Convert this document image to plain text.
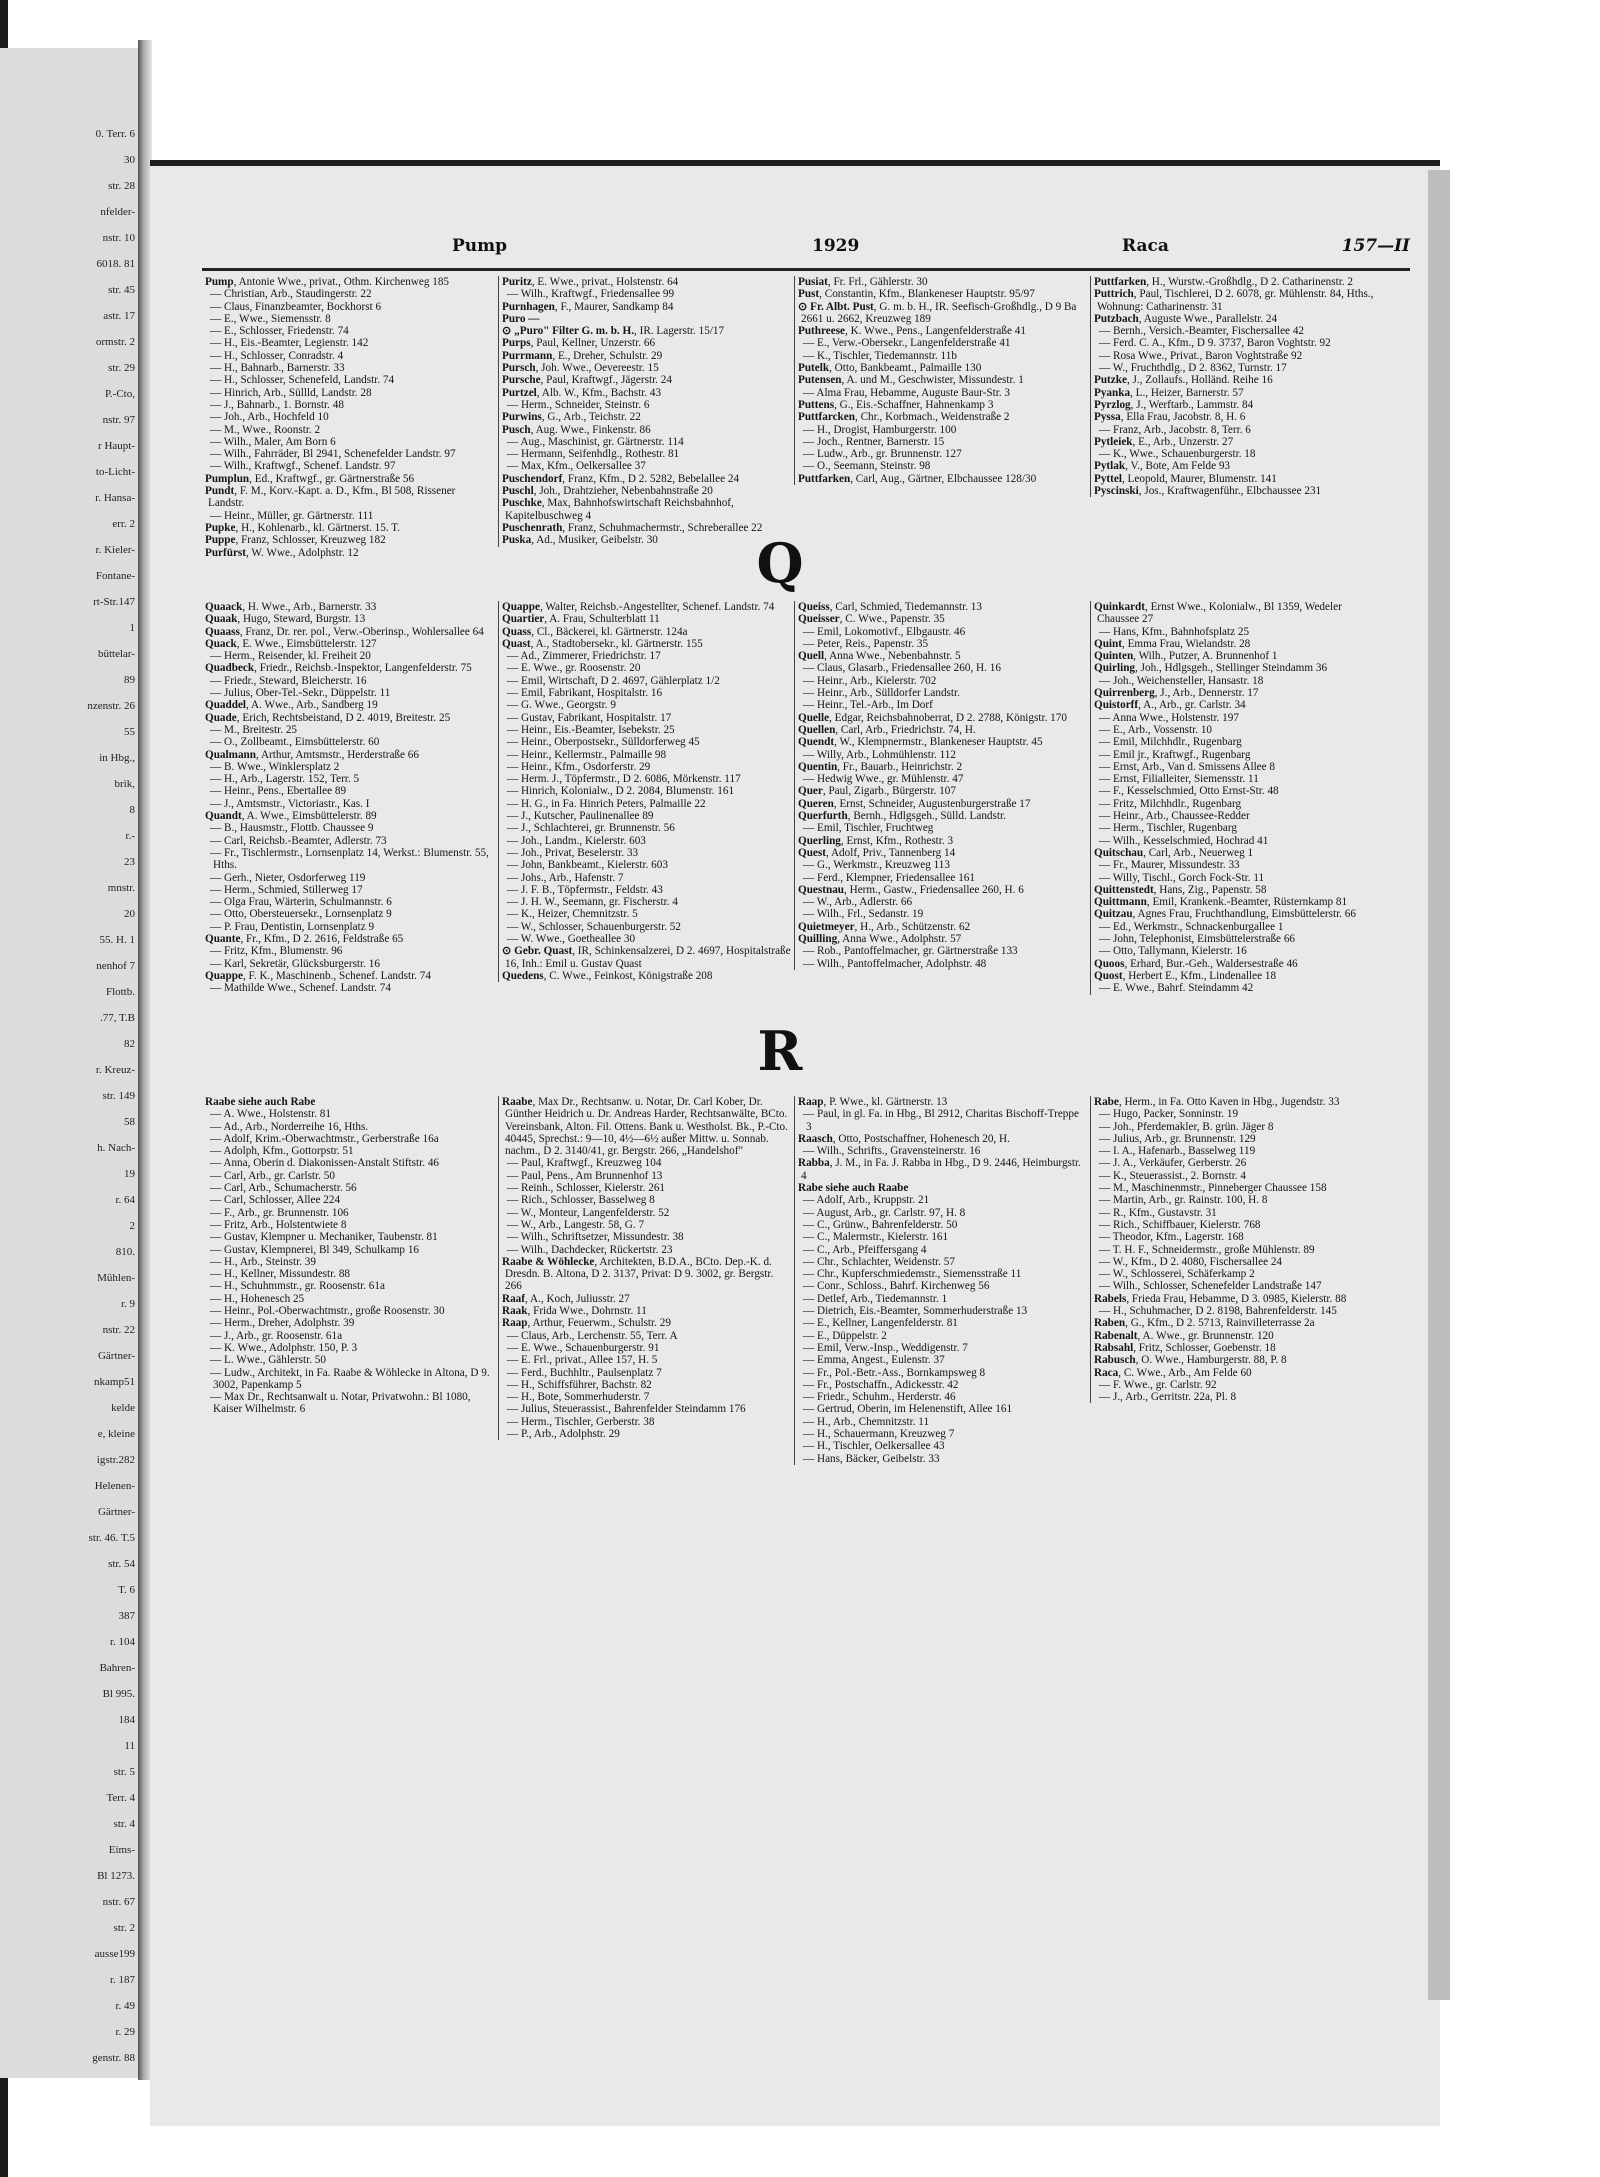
0. Terr. 6
30
str. 28
nfelder-
nstr. 10
6018. 81
str. 45
astr. 17
ormstr. 2
str. 29
P.-Cto,
nstr. 97
r Haupt-
to-Licht-
r. Hansa-
err. 2
r. Kieler-
Fontane-
rt-Str.147
1
büttelar-
89
nzenstr. 26
55
in Hbg.,
brik,
8
r.-
23
mnstr.
20
55. H. 1
nenhof 7
Flottb.
.77, T.B
82
r. Kreuz-
str. 149
58
h. Nach-
19
r. 64
2
810.
Mühlen-
r. 9
nstr. 22
Gärtner-
nkamp51
kelde
e, kleine
igstr.282
Helenen-
Gärtner-
str. 46. T.5
str. 54
T. 6
387
r. 104
Bahren-
Bl 995.
184
11
str. 5
Terr. 4
str. 4
Eims-
Bl 1273.
nstr. 67
str. 2
ausse199
r. 187
r. 49
r. 29
genstr. 88
Pump	1929	Raca	157—II
Pump, Antonie Wwe., privat., Othm. Kirchenweg 185
— Christian, Arb., Staudingerstr. 22
— Claus, Finanzbeamter, Bockhorst 6
— E., Wwe., Siemensstr. 8
— E., Schlosser, Friedenstr. 74
— H., Eis.-Beamter, Legienstr. 142
— H., Schlosser, Conradstr. 4
— H., Bahnarb., Barnerstr. 33
— H., Schlosser, Schenefeld, Landstr. 74
— Hinrich, Arb., Süllld, Landstr. 28
— J., Bahnarb., 1. Bornstr. 48
— Joh., Arb., Hochfeld 10
— M., Wwe., Roonstr. 2
— Wilh., Maler, Am Born 6
— Wilh., Fahrräder, Bl 2941, Schenefelder Landstr. 97
— Wilh., Kraftwgf., Schenef. Landstr. 97
Pumplun, Ed., Kraftwgf., gr. Gärtnerstraße 56
Pundt, F. M., Korv.-Kapt. a. D., Kfm., Bl 508, Rissener Landstr.
— Heinr., Müller, gr. Gärtnerstr. 111
Pupke, H., Kohlenarb., kl. Gärtnerst. 15. T.
Puppe, Franz, Schlosser, Kreuzweg 182
Purfürst, W. Wwe., Adolphstr. 12
Puritz, E. Wwe., privat., Holstenstr. 64
— Wilh., Kraftwgf., Friedensallee 99
Purnhagen, F., Maurer, Sandkamp 84
Puro —
⊙ „Puro" Filter G. m. b. H., IR. Lagerstr. 15/17
Purps, Paul, Kellner, Unzerstr. 66
Purrmann, E., Dreher, Schulstr. 29
Pursch, Joh. Wwe., Oevereestr. 15
Pursche, Paul, Kraftwgf., Jägerstr. 24
Purtzel, Alb. W., Kfm., Bachstr. 43
— Herm., Schneider, Steinstr. 6
Purwins, G., Arb., Teichstr. 22
Pusch, Aug. Wwe., Finkenstr. 86
— Aug., Maschinist, gr. Gärtnerstr. 114
— Hermann, Seifenhdlg., Rothestr. 81
— Max, Kfm., Oelkersallee 37
Puschendorf, Franz, Kfm., D 2. 5282, Bebelallee 24
Puschl, Joh., Drahtzieher, Nebenbahnstraße 20
Puschke, Max, Bahnhofswirtschaft Reichsbahnhof, Kapitelbuschweg 4
Puschenrath, Franz, Schuhmachermstr., Schreberallee 22
Puska, Ad., Musiker, Geibelstr. 30
Pusiat, Fr. Frl., Gählerstr. 30
Pust, Constantin, Kfm., Blankeneser Hauptstr. 95/97
⊙ Fr. Albt. Pust, G. m. b. H., IR. Seefisch-Großhdlg., D 9 Ba 2661 u. 2662, Kreuzweg 189
Puthreese, K. Wwe., Pens., Langenfelderstraße 41
— E., Verw.-Obersekr., Langenfelderstraße 41
— K., Tischler, Tiedemannstr. 11b
Putelk, Otto, Bankbeamt., Palmaille 130
Putensen, A. und M., Geschwister, Missundestr. 1
— Alma Frau, Hebamme, Auguste Baur-Str. 3
Puttens, G., Eis.-Schaffner, Hahnenkamp 3
Puttfarcken, Chr., Korbmach., Weidenstraße 2
— H., Drogist, Hamburgerstr. 100
— Joch., Rentner, Barnerstr. 15
— Ludw., Arb., gr. Brunnenstr. 127
— O., Seemann, Steinstr. 98
Puttfarken, Carl, Aug., Gärtner, Elbchaussee 128/30
Puttfarken, H., Wurstw.-Großhdlg., D 2. Catharinenstr. 2
Puttrich, Paul, Tischlerei, D 2. 6078, gr. Mühlenstr. 84, Hths., Wohnung: Catharinenstr. 31
Putzbach, Auguste Wwe., Parallelstr. 24
— Bernh., Versich.-Beamter, Fischersallee 42
— Ferd. C. A., Kfm., D 9. 3737, Baron Voghtstr. 92
— Rosa Wwe., Privat., Baron Voghtstraße 92
— W., Fruchthdlg., D 2. 8362, Turnstr. 17
Putzke, J., Zollaufs., Holländ. Reihe 16
Pyanka, L., Heizer, Barnerstr. 57
Pyrzlog, J., Werftarb., Lammstr. 84
Pyssa, Ella Frau, Jacobstr. 8, H. 6
— Franz, Arb., Jacobstr. 8, Terr. 6
Pytleiek, E., Arb., Unzerstr. 27
— K., Wwe., Schauenburgerstr. 18
Pytlak, V., Bote, Am Felde 93
Pyttel, Leopold, Maurer, Blumenstr. 141
Pyscinski, Jos., Kraftwagenführ., Elbchaussee 231
Q
Quaack, H. Wwe., Arb., Barnerstr. 33
Quaak, Hugo, Steward, Burgstr. 13
Quaass, Franz, Dr. rer. pol., Verw.-Oberinsp., Wohlersallee 64
Quack, E. Wwe., Eimsbüttelerstr. 127
— Herm., Reisender, kl. Freiheit 20
Quadbeck, Friedr., Reichsb.-Inspektor, Langenfelderstr. 75
— Friedr., Steward, Bleicherstr. 16
— Julius, Ober-Tel.-Sekr., Düppelstr. 11
Quaddel, A. Wwe., Arb., Sandberg 19
Quade, Erich, Rechtsbeistand, D 2. 4019, Breitestr. 25
— M., Breitestr. 25
— O., Zollbeamt., Eimsbüttelerstr. 60
Qualmann, Arthur, Amtsmstr., Herderstraße 66
— B. Wwe., Winklersplatz 2
— H., Arb., Lagerstr. 152, Terr. 5
— Heinr., Pens., Ebertallee 89
— J., Amtsmstr., Victoriastr., Kas. I
Quandt, A. Wwe., Eimsbüttelerstr. 89
— B., Hausmstr., Flottb. Chaussee 9
— Carl, Reichsb.-Beamter, Adlerstr. 73
— Fr., Tischlermstr., Lornsenplatz 14, Werkst.: Blumenstr. 55, Hths.
— Gerh., Nieter, Osdorferweg 119
— Herm., Schmied, Stillerweg 17
— Olga Frau, Wärterin, Schulmannstr. 6
— Otto, Obersteuersekr., Lornsenplatz 9
— P. Frau, Dentistin, Lornsenplatz 9
Quante, Fr., Kfm., D 2. 2616, Feldstraße 65
— Fritz, Kfm., Blumenstr. 96
— Karl, Sekretär, Glücksburgerstr. 16
Quappe, F. K., Maschinenb., Schenef. Landstr. 74
— Mathilde Wwe., Schenef. Landstr. 74
Quappe, Walter, Reichsb.-Angestellter, Schenef. Landstr. 74
Quartier, A. Frau, Schulterblatt 11
Quass, Cl., Bäckerei, kl. Gärtnerstr. 124a
Quast, A., Stadtobersekr., kl. Gärtnerstr. 155
— Ad., Zimmerer, Friedrichstr. 17
— E. Wwe., gr. Roosenstr. 20
— Emil, Wirtschaft, D 2. 4697, Gählerplatz 1/2
— Emil, Fabrikant, Hospitalstr. 16
— G. Wwe., Georgstr. 9
— Gustav, Fabrikant, Hospitalstr. 17
— Heinr., Eis.-Beamter, Isebekstr. 25
— Heinr., Oberpostsekr., Sülldorferweg 45
— Heinr., Kellermstr., Palmaille 98
— Heinr., Kfm., Osdorferstr. 29
— Herm. J., Töpfermstr., D 2. 6086, Mörkenstr. 117
— Hinrich, Kolonialw., D 2. 2084, Blumenstr. 161
— H. G., in Fa. Hinrich Peters, Palmaille 22
— J., Kutscher, Paulinenallee 89
— J., Schlachterei, gr. Brunnenstr. 56
— Joh., Landm., Kielerstr. 603
— Joh., Privat, Beselerstr. 33
— John, Bankbeamt., Kielerstr. 603
— Johs., Arb., Hafenstr. 7
— J. F. B., Töpfermstr., Feldstr. 43
— J. H. W., Seemann, gr. Fischerstr. 4
— K., Heizer, Chemnitzstr. 5
— W., Schlosser, Schauenburgerstr. 52
— W. Wwe., Goetheallee 30
⊙ Gebr. Quast, IR, Schinkensalzerei, D 2. 4697, Hospitalstraße 16, Inh.: Emil u. Gustav Quast
Quedens, C. Wwe., Feinkost, Königstraße 208
Queiss, Carl, Schmied, Tiedemannstr. 13
Queisser, C. Wwe., Papenstr. 35
— Emil, Lokomotivf., Elbgaustr. 46
— Peter, Reis., Papenstr. 35
Quell, Anna Wwe., Nebenbahnstr. 5
— Claus, Glasarb., Friedensallee 260, H. 16
— Heinr., Arb., Kielerstr. 702
— Heinr., Arb., Sülldorfer Landstr.
— Heinr., Tel.-Arb., Im Dorf
Quelle, Edgar, Reichsbahnoberrat, D 2. 2788, Königstr. 170
Quellen, Carl, Arb., Friedrichstr. 74, H.
Quendt, W., Klempnermstr., Blankeneser Hauptstr. 45
— Willy, Arb., Lohmühlenstr. 112
Quentin, Fr., Bauarb., Heinrichstr. 2
— Hedwig Wwe., gr. Mühlenstr. 47
Quer, Paul, Zigarb., Bürgerstr. 107
Queren, Ernst, Schneider, Augustenburgerstraße 17
Querfurth, Bernh., Hdlgsgeh., Sülld. Landstr.
— Emil, Tischler, Fruchtweg
Querling, Ernst, Kfm., Rothestr. 3
Quest, Adolf, Priv., Tannenberg 14
— G., Werkmstr., Kreuzweg 113
— Ferd., Klempner, Friedensallee 161
Questnau, Herm., Gastw., Friedensallee 260, H. 6
— W., Arb., Adlerstr. 66
— Wilh., Frl., Sedanstr. 19
Quietmeyer, H., Arb., Schützenstr. 62
Quilling, Anna Wwe., Adolphstr. 57
— Rob., Pantoffelmacher, gr. Gärtnerstraße 133
— Wilh., Pantoffelmacher, Adolphstr. 48
Quinkardt, Ernst Wwe., Kolonialw., Bl 1359, Wedeler Chaussee 27
— Hans, Kfm., Bahnhofsplatz 25
Quint, Emma Frau, Wielandstr. 28
Quinten, Wilh., Putzer, A. Brunnenhof 1
Quirling, Joh., Hdlgsgeh., Stellinger Steindamm 36
— Joh., Weichensteller, Hansastr. 18
Quirrenberg, J., Arb., Dennerstr. 17
Quistorff, A., Arb., gr. Carlstr. 34
— Anna Wwe., Holstenstr. 197
— E., Arb., Vossenstr. 10
— Emil, Milchhdlr., Rugenbarg
— Emil jr., Kraftwgf., Rugenbarg
— Ernst, Arb., Van d. Smissens Allee 8
— Ernst, Filialleiter, Siemensstr. 11
— F., Kesselschmied, Otto Ernst-Str. 48
— Fritz, Milchhdlr., Rugenbarg
— Heinr., Arb., Chaussee-Redder
— Herm., Tischler, Rugenbarg
— Wilh., Kesselschmied, Hochrad 41
Quitschau, Carl, Arb., Neuerweg 1
— Fr., Maurer, Missundestr. 33
— Willy, Tischl., Gorch Fock-Str. 11
Quittenstedt, Hans, Zig., Papenstr. 58
Quittmann, Emil, Krankenk.-Beamter, Rüsternkamp 81
Quitzau, Agnes Frau, Fruchthandlung, Eimsbüttelerstr. 66
— Ed., Werkmstr., Schnackenburgallee 1
— John, Telephonist, Eimsbüttelerstraße 66
— Otto, Tallymann, Kielerstr. 16
Quoos, Erhard, Bur.-Geh., Waldersestraße 46
Quost, Herbert E., Kfm., Lindenallee 18
— E. Wwe., Bahrf. Steindamm 42
R
Raabe siehe auch Rabe
— A. Wwe., Holstenstr. 81
— Ad., Arb., Norderreihe 16, Hths.
— Adolf, Krim.-Oberwachtmstr., Gerberstraße 16a
— Adolph, Kfm., Gottorpstr. 51
— Anna, Oberin d. Diakonissen-Anstalt Stiftstr. 46
— Carl, Arb., gr. Carlstr. 50
— Carl, Arb., Schumacherstr. 56
— Carl, Schlosser, Allee 224
— F., Arb., gr. Brunnenstr. 106
— Fritz, Arb., Holstentwiete 8
— Gustav, Klempner u. Mechaniker, Taubenstr. 81
— Gustav, Klempnerei, Bl 349, Schulkamp 16
— H., Arb., Steinstr. 39
— H., Kellner, Missundestr. 88
— H., Schuhmmstr., gr. Roosenstr. 61a
— H., Hohenesch 25
— Heinr., Pol.-Oberwachtmstr., große Roosenstr. 30
— Herm., Dreher, Adolphstr. 39
— J., Arb., gr. Roosenstr. 61a
— K. Wwe., Adolphstr. 150, P. 3
— L. Wwe., Gählerstr. 50
— Ludw., Architekt, in Fa. Raabe & Wöhlecke in Altona, D 9. 3002, Papenkamp 5
— Max Dr., Rechtsanwalt u. Notar, Privatwohn.: Bl 1080, Kaiser Wilhelmstr. 6
Raabe, Max Dr., Rechtsanw. u. Notar, Dr. Carl Kober, Dr. Günther Heidrich u. Dr. Andreas Harder, Rechtsanwälte, BCto. Vereinsbank, Alton. Fil. Ottens. Bank u. Westholst. Bk., P.-Cto. 40445, Sprechst.: 9—10, 4½—6½ außer Mittw. u. Sonnab. nachm., D 2. 3140/41, gr. Bergstr. 266, „Handelshof"
— Paul, Kraftwgf., Kreuzweg 104
— Paul, Pens., Am Brunnenhof 13
— Reinh., Schlosser, Kielerstr. 261
— Rich., Schlosser, Basselweg 8
— W., Monteur, Langenfelderstr. 52
— W., Arb., Langestr. 58, G. 7
— Wilh., Schriftsetzer, Missundestr. 38
— Wilh., Dachdecker, Rückertstr. 23
Raabe & Wöhlecke, Architekten, B.D.A., BCto. Dep.-K. d. Dresdn. B. Altona, D 2. 3137, Privat: D 9. 3002, gr. Bergstr. 266
Raaf, A., Koch, Juliusstr. 27
Raak, Frida Wwe., Dohrnstr. 11
Raap, Arthur, Feuerwm., Schulstr. 29
— Claus, Arb., Lerchenstr. 55, Terr. A
— E. Wwe., Schauenburgerstr. 91
— E. Frl., privat., Allee 157, H. 5
— Ferd., Buchhltr., Paulsenplatz 7
— H., Schiffsführer, Bachstr. 82
— H., Bote, Sommerhuderstr. 7
— Julius, Steuerassist., Bahrenfelder Steindamm 176
— Herm., Tischler, Gerberstr. 38
— P., Arb., Adolphstr. 29
Raap, P. Wwe., kl. Gärtnerstr. 13
— Paul, in gl. Fa. in Hbg., Bl 2912, Charitas Bischoff-Treppe 3
Raasch, Otto, Postschaffner, Hohenesch 20, H.
— Wilh., Schrifts., Gravensteinerstr. 16
Rabba, J. M., in Fa. J. Rabba in Hbg., D 9. 2446, Heimburgstr. 4
Rabe siehe auch Raabe
— Adolf, Arb., Kruppstr. 21
— August, Arb., gr. Carlstr. 97, H. 8
— C., Grünw., Bahrenfelderstr. 50
— C., Malermstr., Kielerstr. 161
— C., Arb., Pfeiffersgang 4
— Chr., Schlachter, Weidenstr. 57
— Chr., Kupferschmiedemstr., Siemensstraße 11
— Conr., Schloss., Bahrf. Kirchenweg 56
— Detlef, Arb., Tiedemannstr. 1
— Dietrich, Eis.-Beamter, Sommerhuderstraße 13
— E., Kellner, Langenfelderstr. 81
— E., Düppelstr. 2
— Emil, Verw.-Insp., Weddigenstr. 7
— Emma, Angest., Eulenstr. 37
— Fr., Pol.-Betr.-Ass., Bornkampsweg 8
— Fr., Postschaffn., Adickesstr. 42
— Friedr., Schuhm., Herderstr. 46
— Gertrud, Oberin, im Helenenstift, Allee 161
— H., Arb., Chemnitzstr. 11
— H., Schauermann, Kreuzweg 7
— H., Tischler, Oelkersallee 43
— Hans, Bäcker, Geibelstr. 33
Rabe, Herm., in Fa. Otto Kaven in Hbg., Jugendstr. 33
— Hugo, Packer, Sonninstr. 19
— Joh., Pferdemakler, B. grün. Jäger 8
— Julius, Arb., gr. Brunnenstr. 129
— I. A., Hafenarb., Basselweg 119
— J. A., Verkäufer, Gerberstr. 26
— K., Steuerassist., 2. Bornstr. 4
— M., Maschinenmstr., Pinneberger Chaussee 158
— Martin, Arb., gr. Rainstr. 100, H. 8
— R., Kfm., Gustavstr. 31
— Rich., Schiffbauer, Kielerstr. 768
— Theodor, Kfm., Lagerstr. 168
— T. H. F., Schneidermstr., große Mühlenstr. 89
— W., Kfm., D 2. 4080, Fischersallee 24
— W., Schlosserei, Schäferkamp 2
— Wilh., Schlosser, Schenefelder Landstraße 147
Rabels, Frieda Frau, Hebamme, D 3. 0985, Kielerstr. 88
— H., Schuhmacher, D 2. 8198, Bahrenfelderstr. 145
Raben, G., Kfm., D 2. 5713, Rainvilleterrasse 2a
Rabenalt, A. Wwe., gr. Brunnenstr. 120
Rabsahl, Fritz, Schlosser, Goebenstr. 18
Rabusch, O. Wwe., Hamburgerstr. 88, P. 8
Raca, C. Wwe., Arb., Am Felde 60
— F. Wwe., gr. Carlstr. 92
— J., Arb., Gerritstr. 22a, Pl. 8
